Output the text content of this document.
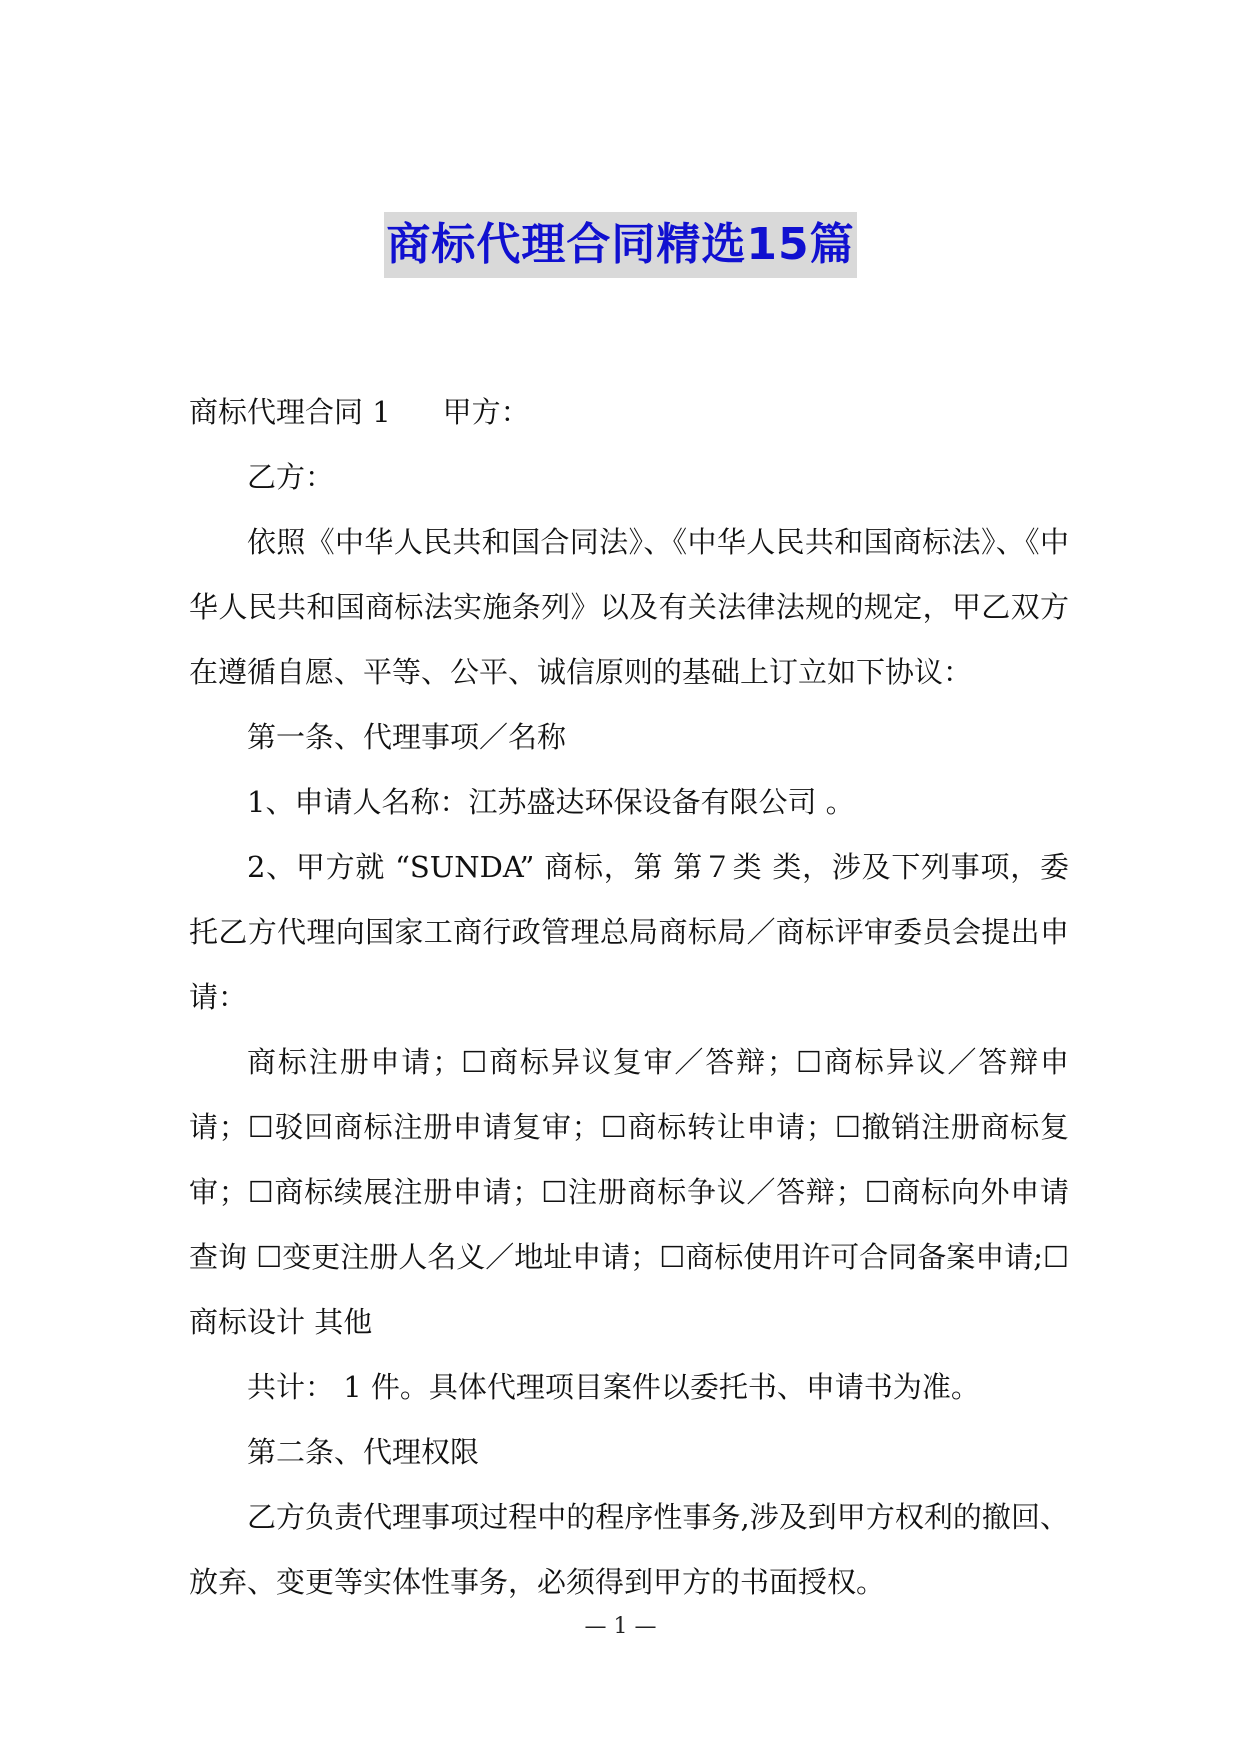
商标代理合同精选15篇

商标代理合同 1 甲方：

乙方：

依照《中华人民共和国合同法》、《中华人民共和国商标法》、《中华人民共和国商标法实施条列》以及有关法律法规的规定，甲乙双方在遵循自愿、平等、公平、诚信原则的基础上订立如下协议：

第一条、代理事项／名称

1、申请人名称：江苏盛达环保设备有限公司 。

2、甲方就 “SUNDA” 商标，第 第７类 类，涉及下列事项，委托乙方代理向国家工商行政管理总局商标局／商标评审委员会提出申请：

商标注册申请；☐商标异议复审／答辩；☐商标异议／答辩申请；☐驳回商标注册申请复审；☐商标转让申请；☐撤销注册商标复审；☐商标续展注册申请；☐注册商标争议／答辩；☐商标向外申请查询 ☐变更注册人名义／地址申请；☐商标使用许可合同备案申请;☐商标设计 其他

共计： 1 件。具体代理项目案件以委托书、申请书为准。

第二条、代理权限

乙方负责代理事项过程中的程序性事务,涉及到甲方权利的撤回、放弃、变更等实体性事务，必须得到甲方的书面授权。

— 1 —
